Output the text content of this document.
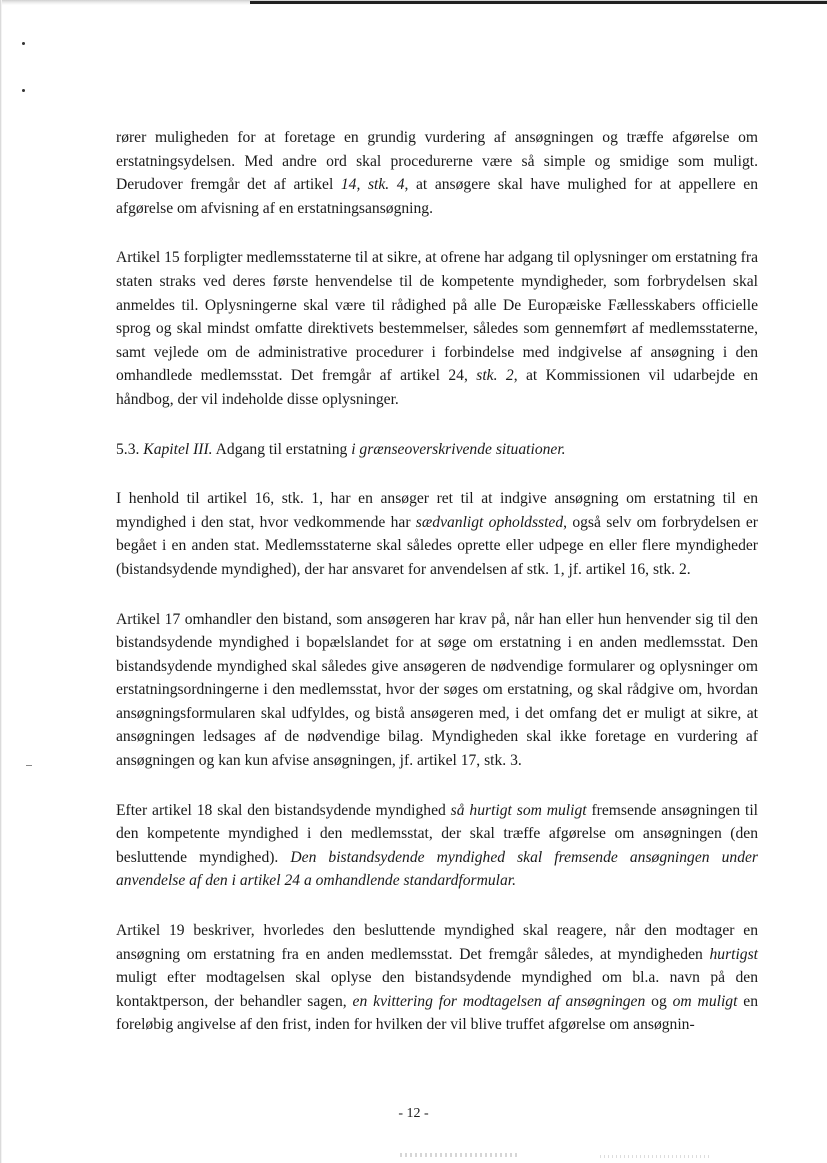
rører muligheden for at foretage en grundig vurdering af ansøgningen og træffe afgørelse om erstatningsydelsen. Med andre ord skal procedurerne være så simple og smidige som muligt. Derudover fremgår det af artikel 14, stk. 4, at ansøgere skal have mulighed for at appellere en afgørelse om afvisning af en erstatningsansøgning.

Artikel 15 forpligter medlemsstaterne til at sikre, at ofrene har adgang til oplysninger om erstatning fra staten straks ved deres første henvendelse til de kompetente myndigheder, som forbrydelsen skal anmeldes til. Oplysningerne skal være til rådighed på alle De Europæiske Fællesskabers officielle sprog og skal mindst omfatte direktivets bestemmelser, således som gennemført af medlemsstaterne, samt vejlede om de administrative procedurer i forbindelse med indgivelse af ansøgning i den omhandlede medlemsstat. Det fremgår af artikel 24, stk. 2, at Kommissionen vil udarbejde en håndbog, der vil indeholde disse oplysninger.

5.3. Kapitel III. Adgang til erstatning i grænseoverskrivende situationer.

I henhold til artikel 16, stk. 1, har en ansøger ret til at indgive ansøgning om erstatning til en myndighed i den stat, hvor vedkommende har sædvanligt opholdssted, også selv om forbrydelsen er begået i en anden stat. Medlemsstaterne skal således oprette eller udpege en eller flere myndigheder (bistandsydende myndighed), der har ansvaret for anvendelsen af stk. 1, jf. artikel 16, stk. 2.

Artikel 17 omhandler den bistand, som ansøgeren har krav på, når han eller hun henvender sig til den bistandsydende myndighed i bopælslandet for at søge om erstatning i en anden medlemsstat. Den bistandsydende myndighed skal således give ansøgeren de nødvendige formularer og oplysninger om erstatningsordningerne i den medlemsstat, hvor der søges om erstatning, og skal rådgive om, hvordan ansøgningsformularen skal udfyldes, og bistå ansøgeren med, i det omfang det er muligt at sikre, at ansøgningen ledsages af de nødvendige bilag. Myndigheden skal ikke foretage en vurdering af ansøgningen og kan kun afvise ansøgningen, jf. artikel 17, stk. 3.

Efter artikel 18 skal den bistandsydende myndighed så hurtigt som muligt fremsende ansøgningen til den kompetente myndighed i den medlemsstat, der skal træffe afgørelse om ansøgningen (den besluttende myndighed). Den bistandsydende myndighed skal fremsende ansøgningen under anvendelse af den i artikel 24 a omhandlende standardformular.

Artikel 19 beskriver, hvorledes den besluttende myndighed skal reagere, når den modtager en ansøgning om erstatning fra en anden medlemsstat. Det fremgår således, at myndigheden hurtigst muligt efter modtagelsen skal oplyse den bistandsydende myndighed om bl.a. navn på den kontaktperson, der behandler sagen, en kvittering for modtagelsen af ansøgningen og om muligt en foreløbig angivelse af den frist, inden for hvilken der vil blive truffet afgørelse om ansøgnin-

- 12 -
